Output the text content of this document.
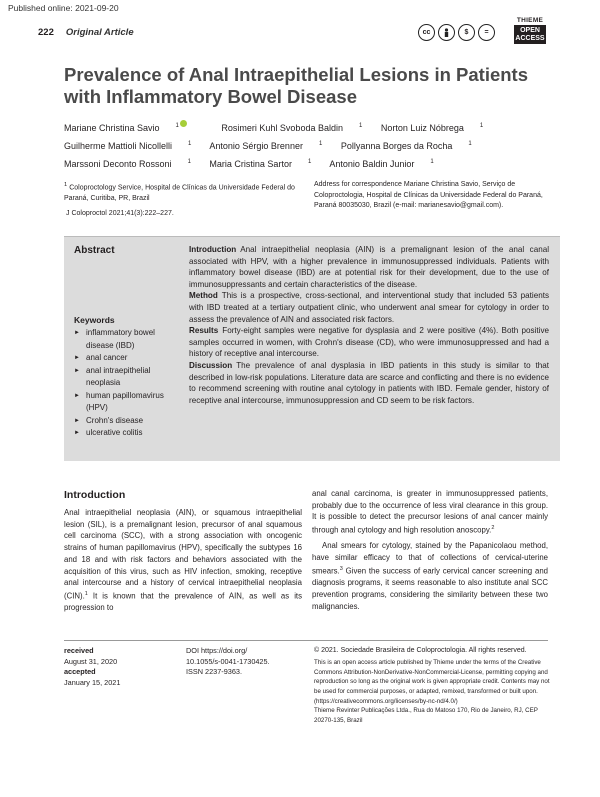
Published online: 2021-09-20
222 Original Article	cc	$	=
THIEME
OPEN
ACCESS
Prevalence of Anal Intraepithelial Lesions in Patients with Inflammatory Bowel Disease
Mariane Christina Savio	$^1$	Rosimeri Kuhl Svoboda Baldin	$^1$ Norton Luiz Nóbrega	$^1$
Guilherme Mattioli Nicollelli	$^1$ Antonio Sérgio Brenner	$^1$ Pollyanna Borges da Rocha	$^1$
Marssoni Deconto Rossoni	$^1$ Maria Cristina Sartor	$^1$ Antonio Baldin Junior	$^1$
$^1$ Coloproctology Service, Hospital de Clínicas da Universidade Federal do Paraná, Curitiba, PR, Brazil
J Coloproctol 2021;41(3):222–227.
Address for correspondence Mariane Christina Savio, Serviço de Coloproctologia, Hospital de Clínicas da Universidade Federal do Paraná, Paraná 80035030, Brazil (e-mail: marianesavio@gmail.com).
Abstract
Keywords
► inflammatory bowel disease (IBD)
► anal cancer
► anal intraepithelial neoplasia
► human papillomavirus (HPV)
► Crohn's disease
► ulcerative colitis

Introduction Anal intraepithelial neoplasia (AIN) is a premalignant lesion of the anal canal associated with HPV, with a higher prevalence in immunosuppressed individuals. Patients with inflammatory bowel disease (IBD) are at potential risk for their development, due to the use of immunosuppressants and certain characteristics of the disease.

Method This is a prospective, cross-sectional, and interventional study that included 53 patients with IBD treated at a tertiary outpatient clinic, who underwent anal smear for cytology in order to assess the prevalence of AIN and associated risk factors.

Results Forty-eight samples were negative for dysplasia and 2 were positive (4%). Both positive samples occurred in women, with Crohn's disease (CD), who were immunosuppressed and had a history of receptive anal intercourse.

Discussion The prevalence of anal dysplasia in IBD patients in this study is similar to that described in low-risk populations. Literature data are scarce and conflicting and there is no evidence to recommend screening with routine anal cytology in patients with IBD. Female gender, history of receptive anal intercourse, immunosuppression and CD seem to be risk factors.

Introduction
Anal intraepithelial neoplasia (AIN), or squamous intraepithelial lesion (SIL), is a premalignant lesion, precursor of anal squamous cell carcinoma (SCC), with a strong association with oncogenic strains of human papillomavirus (HPV), specifically the subtypes 16 and 18 and with risk factors and behaviors associated with the acquisition of this virus, such as HIV infection, smoking, receptive anal intercourse and a history of cervical intraepithelial neoplasia (CIN).$^1$ It is known that the prevalence of AIN, as well as its progression to

anal canal carcinoma, is greater in immunosuppressed patients, probably due to the occurrence of less viral clearance in this group. It is possible to detect the precursor lesions of anal cancer mainly through anal cytology and high resolution anoscopy.$^2$

Anal smears for cytology, stained by the Papanicolaou method, have similar efficacy to that of collections of cervical-uterine smears.$^3$ Given the success of early cervical cancer screening and diagnosis programs, it seems reasonable to also institute anal SCC prevention programs, considering the similarity between these two malignancies.

received
August 31, 2020
accepted
January 15, 2021
DOI https://doi.org/
10.1055/s-0041-1730425.
ISSN 2237-9363.
© 2021. Sociedade Brasileira de Coloproctologia. All rights reserved.
This is an open access article published by Thieme under the terms of the Creative Commons Attribution-NonDerivative-NonCommercial-License, permitting copying and reproduction so long as the original work is given appropriate credit. Contents may not be used for commercial purposes, or adapted, remixed, transformed or built upon. (https://creativecommons.org/licenses/by-nc-nd/4.0/)
Thieme Revinter Publicações Ltda., Rua do Matoso 170, Rio de Janeiro, RJ, CEP 20270-135, Brazil
